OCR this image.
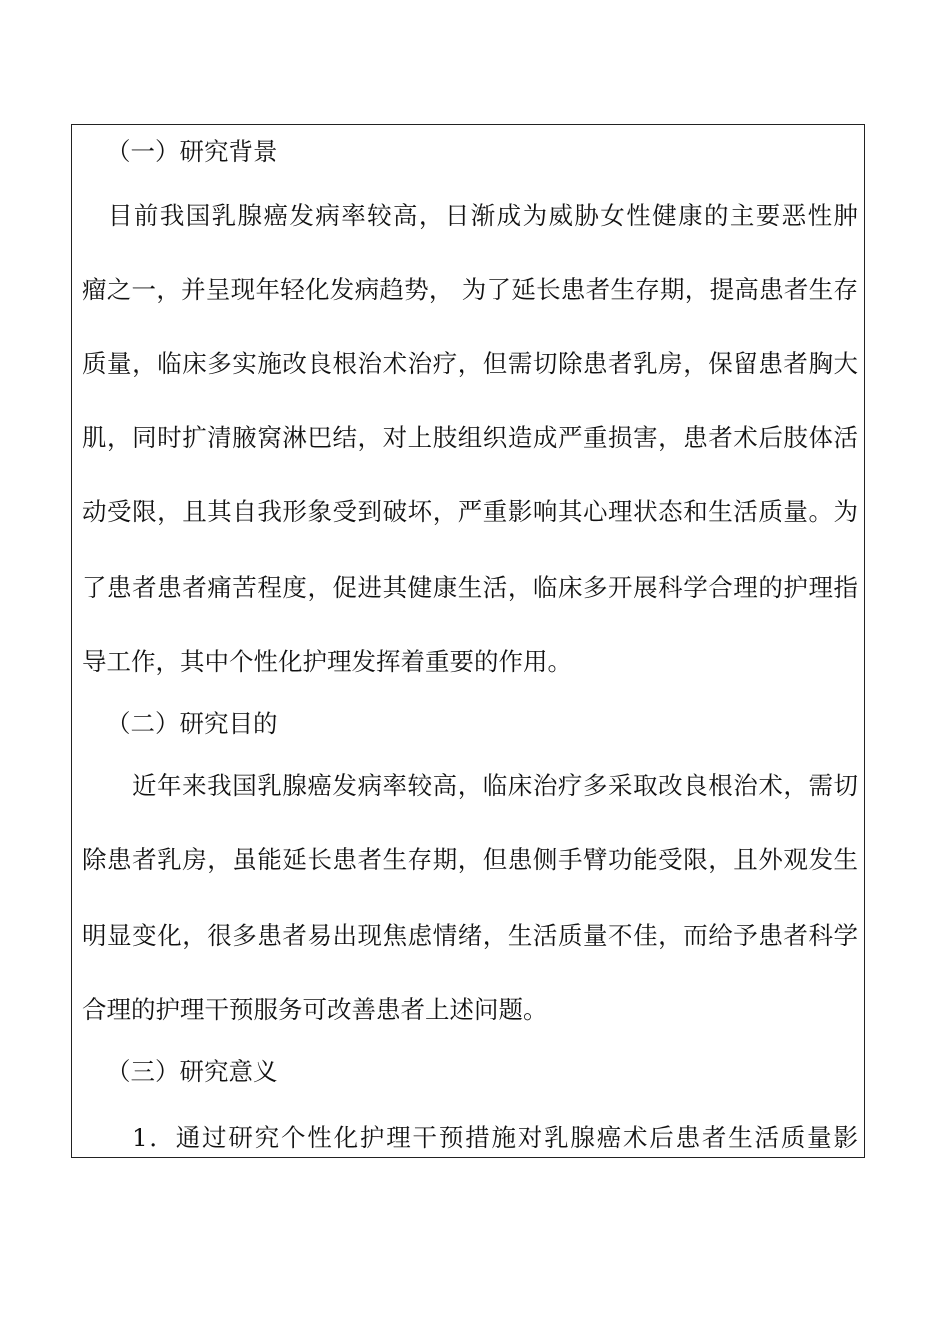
（一）研究背景
目前我国乳腺癌发病率较高，日渐成为威胁女性健康的主要恶性肿
瘤之一，并呈现年轻化发病趋势， 为了延长患者生存期，提高患者生存
质量，临床多实施改良根治术治疗，但需切除患者乳房，保留患者胸大
肌，同时扩清腋窝淋巴结，对上肢组织造成严重损害，患者术后肢体活
动受限，且其自我形象受到破坏，严重影响其心理状态和生活质量。为
了患者患者痛苦程度，促进其健康生活，临床多开展科学合理的护理指
导工作，其中个性化护理发挥着重要的作用。
（二）研究目的
近年来我国乳腺癌发病率较高，临床治疗多采取改良根治术，需切
除患者乳房，虽能延长患者生存期，但患侧手臂功能受限，且外观发生
明显变化，很多患者易出现焦虑情绪，生活质量不佳，而给予患者科学
合理的护理干预服务可改善患者上述问题。
（三）研究意义
1．通过研究个性化护理干预措施对乳腺癌术后患者生活质量影
